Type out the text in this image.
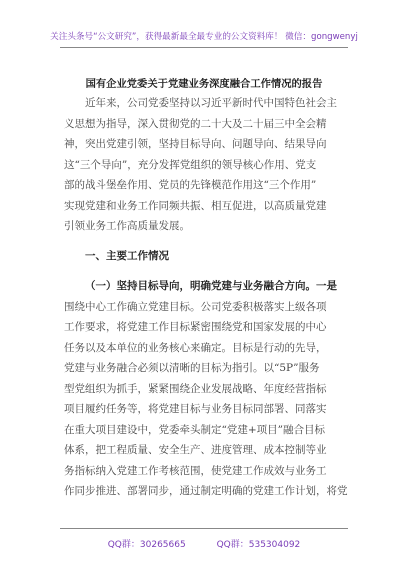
关注头条号“公文研究”，获得最新最全最专业的公文资料库！ 微信：gongwenyj
国有企业党委关于党建业务深度融合工作情况的报告
近年来，公司党委坚持以习近平新时代中国特色社会主
义思想为指导，深入贯彻党的二十大及二十届三中全会精
神，突出党建引领，坚持目标导向、问题导向、结果导向
这“三个导向”，充分发挥党组织的领导核心作用、党支
部的战斗堡垒作用、党员的先锋模范作用这“三个作用”
实现党建和业务工作同频共振、相互促进，以高质量党建
引领业务工作高质量发展。
一、主要工作情况
（一）坚持目标导向，明确党建与业务融合方向。一是
围绕中心工作确立党建目标。公司党委积极落实上级各项
工作要求，将党建工作目标紧密围绕党和国家发展的中心
任务以及本单位的业务核心来确定。目标是行动的先导，
党建与业务融合必须以清晰的目标为指引。以“5P”服务
型党组织为抓手，紧紧围绕企业发展战略、年度经营指标
项目履约任务等，将党建目标与业务目标同部署、同落实
在重大项目建设中，党委牵头制定“党建+项目”融合目标
体系，把工程质量、安全生产、进度管理、成本控制等业
务指标纳入党建工作考核范围，使党建工作成效与业务工
作同步推进、部署同步，通过制定明确的党建工作计划，将党
QQ群：30265665	QQ群：535304092
